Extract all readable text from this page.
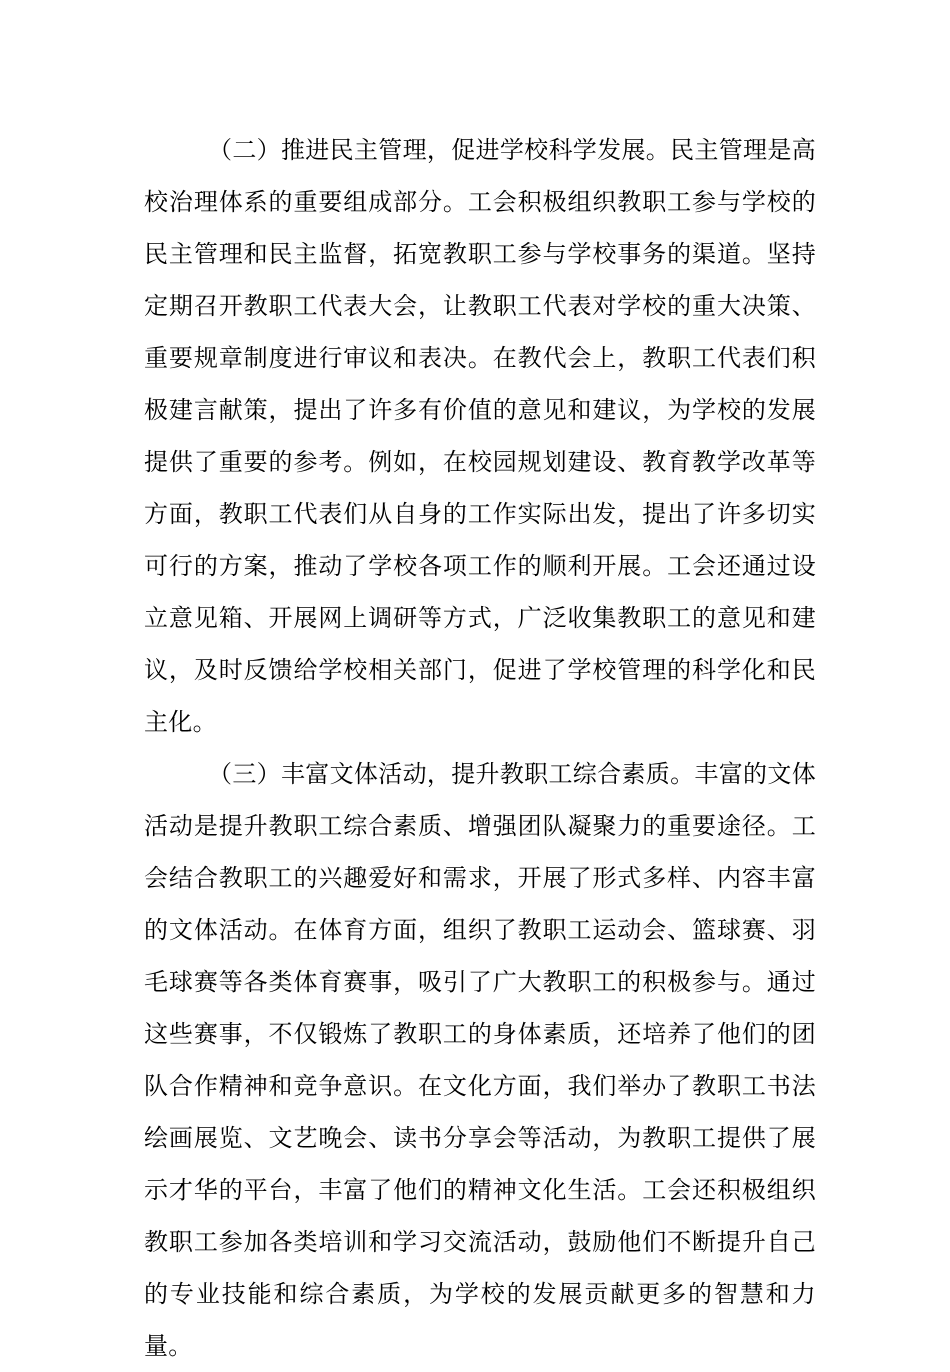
（二）推进民主管理，促进学校科学发展。民主管理是高校治理体系的重要组成部分。工会积极组织教职工参与学校的民主管理和民主监督，拓宽教职工参与学校事务的渠道。坚持定期召开教职工代表大会，让教职工代表对学校的重大决策、重要规章制度进行审议和表决。在教代会上，教职工代表们积极建言献策，提出了许多有价值的意见和建议，为学校的发展提供了重要的参考。例如，在校园规划建设、教育教学改革等方面，教职工代表们从自身的工作实际出发，提出了许多切实可行的方案，推动了学校各项工作的顺利开展。工会还通过设立意见箱、开展网上调研等方式，广泛收集教职工的意见和建议，及时反馈给学校相关部门，促进了学校管理的科学化和民主化。

（三）丰富文体活动，提升教职工综合素质。丰富的文体活动是提升教职工综合素质、增强团队凝聚力的重要途径。工会结合教职工的兴趣爱好和需求，开展了形式多样、内容丰富的文体活动。在体育方面，组织了教职工运动会、篮球赛、羽毛球赛等各类体育赛事，吸引了广大教职工的积极参与。通过这些赛事，不仅锻炼了教职工的身体素质，还培养了他们的团队合作精神和竞争意识。在文化方面，我们举办了教职工书法绘画展览、文艺晚会、读书分享会等活动，为教职工提供了展示才华的平台，丰富了他们的精神文化生活。工会还积极组织教职工参加各类培训和学习交流活动，鼓励他们不断提升自己的专业技能和综合素质，为学校的发展贡献更多的智慧和力量。
